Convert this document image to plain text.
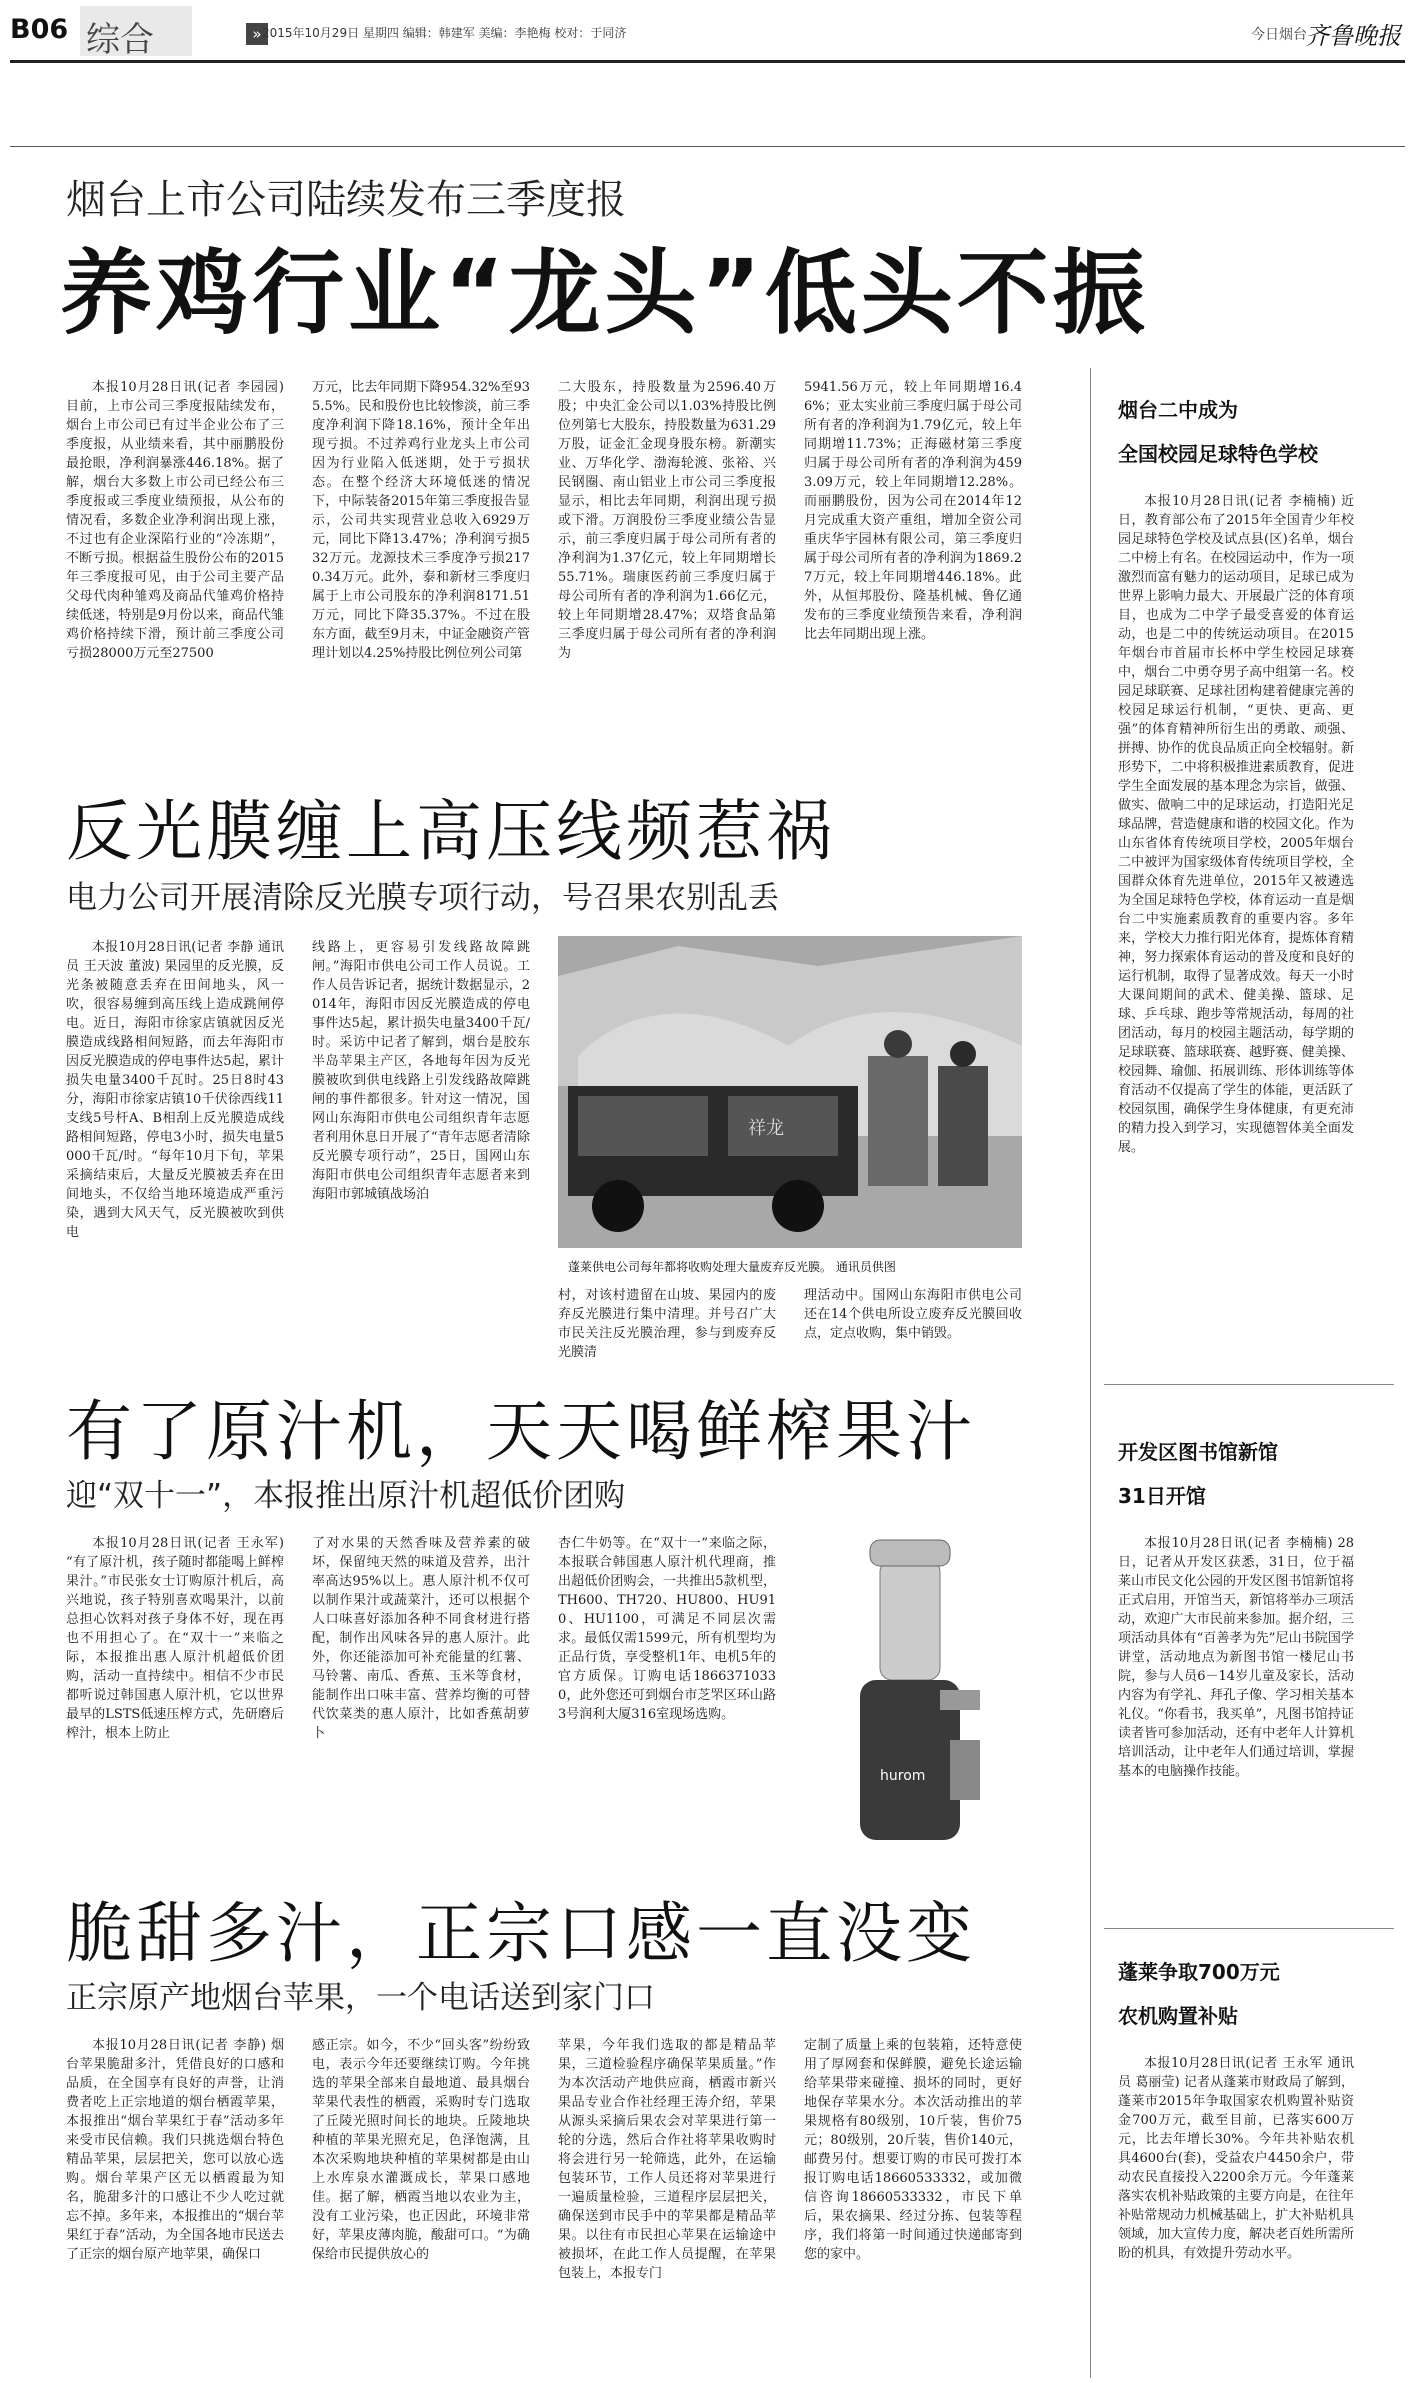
B06 综合	» 2015年10月29日 星期四 编辑：韩建军 美编：李艳梅 校对：于同济	今日烟台
齐鲁晚报
烟台上市公司陆续发布三季度报
养鸡行业“龙头”低头不振

本报10月28日讯(记者 李园园) 目前，上市公司三季度报陆续发布，烟台上市公司已有过半企业公布了三季度报，从业绩来看，其中丽鹏股份最抢眼，净利润暴涨446.18%。据了解，烟台大多数上市公司已经公布三季度报或三季度业绩预报，从公布的情况看，多数企业净利润出现上涨，不过也有企业深陷行业的“冷冻期”，不断亏损。根据益生股份公布的2015年三季度报可见，由于公司主要产品父母代肉种雏鸡及商品代雏鸡价格持续低迷，特别是9月份以来，商品代雏鸡价格持续下滑，预计前三季度公司亏损28000万元至27500

万元，比去年同期下降954.32%至935.5%。民和股份也比较惨淡，前三季度净利润下降18.16%，预计全年出现亏损。不过养鸡行业龙头上市公司因为行业陷入低迷期，处于亏损状态。在整个经济大环境低迷的情况下，中际装备2015年第三季度报告显示，公司共实现营业总收入6929万元，同比下降13.47%；净利润亏损532万元。龙源技术三季度净亏损2170.34万元。此外，泰和新材三季度归属于上市公司股东的净利润8171.51万元，同比下降35.37%。不过在股东方面，截至9月末，中证金融资产管理计划以4.25%持股比例位列公司第

二大股东，持股数量为2596.40万股；中央汇金公司以1.03%持股比例位列第七大股东，持股数量为631.29万股，证金汇金现身股东榜。新潮实业、万华化学、渤海轮渡、张裕、兴民钢圈、南山铝业上市公司三季度报显示，相比去年同期，利润出现亏损或下滑。万润股份三季度业绩公告显示，前三季度归属于母公司所有者的净利润为1.37亿元，较上年同期增长55.71%。瑞康医药前三季度归属于母公司所有者的净利润为1.66亿元，较上年同期增28.47%；双塔食品第三季度归属于母公司所有者的净利润为

5941.56万元，较上年同期增16.46%；亚太实业前三季度归属于母公司所有者的净利润为1.79亿元，较上年同期增11.73%；正海磁材第三季度归属于母公司所有者的净利润为4593.09万元，较上年同期增12.28%。而丽鹏股份，因为公司在2014年12月完成重大资产重组，增加全资公司重庆华宇园林有限公司，第三季度归属于母公司所有者的净利润为1869.27万元，较上年同期增446.18%。此外，从恒邦股份、隆基机械、鲁亿通发布的三季度业绩预告来看，净利润比去年同期出现上涨。

反光膜缠上高压线频惹祸
电力公司开展清除反光膜专项行动，号召果农别乱丢

本报10月28日讯(记者 李静 通讯员 王天波 董波) 果园里的反光膜，反光条被随意丢弃在田间地头，风一吹，很容易缠到高压线上造成跳闸停电。近日，海阳市徐家店镇就因反光膜造成线路相间短路，而去年海阳市因反光膜造成的停电事件达5起，累计损失电量3400千瓦时。25日8时43分，海阳市徐家店镇10千伏徐西线11支线5号杆A、B相刮上反光膜造成线路相间短路，停电3小时，损失电量5000千瓦/时。“每年10月下旬，苹果采摘结束后，大量反光膜被丢弃在田间地头，不仅给当地环境造成严重污染，遇到大风天气，反光膜被吹到供电

线路上，更容易引发线路故障跳闸。”海阳市供电公司工作人员说。工作人员告诉记者，据统计数据显示，2014年，海阳市因反光膜造成的停电事件达5起，累计损失电量3400千瓦/时。采访中记者了解到，烟台是胶东半岛苹果主产区，各地每年因为反光膜被吹到供电线路上引发线路故障跳闸的事件都很多。针对这一情况，国网山东海阳市供电公司组织青年志愿者利用休息日开展了“青年志愿者清除反光膜专项行动”，25日，国网山东海阳市供电公司组织青年志愿者来到海阳市郭城镇战场泊

祥龙
蓬莱供电公司每年都将收购处理大量废弃反光膜。 通讯员供图

村，对该村遗留在山坡、果园内的废弃反光膜进行集中清理。并号召广大市民关注反光膜治理，参与到废弃反光膜清

理活动中。国网山东海阳市供电公司还在14个供电所设立废弃反光膜回收点，定点收购，集中销毁。

有了原汁机，天天喝鲜榨果汁
迎“双十一”，本报推出原汁机超低价团购

本报10月28日讯(记者 王永军) “有了原汁机，孩子随时都能喝上鲜榨果汁。”市民张女士订购原汁机后，高兴地说，孩子特别喜欢喝果汁，以前总担心饮料对孩子身体不好，现在再也不用担心了。在“双十一”来临之际，本报推出惠人原汁机超低价团购，活动一直持续中。相信不少市民都听说过韩国惠人原汁机，它以世界最早的LSTS低速压榨方式，先研磨后榨汁，根本上防止

了对水果的天然香味及营养素的破坏，保留纯天然的味道及营养，出汁率高达95%以上。惠人原汁机不仅可以制作果汁或蔬菜汁，还可以根据个人口味喜好添加各种不同食材进行搭配，制作出风味各异的惠人原汁。此外，你还能添加可补充能量的红薯、马铃薯、南瓜、香蕉、玉米等食材，能制作出口味丰富、营养均衡的可替代饮菜类的惠人原汁，比如香蕉胡萝卜

杏仁牛奶等。在“双十一”来临之际，本报联合韩国惠人原汁机代理商，推出超低价团购会，一共推出5款机型，TH600、TH720、HU800、HU910、HU1100，可满足不同层次需求。最低仅需1599元，所有机型均为正品行货，享受整机1年、电机5年的官方质保。订购电话18663710330，此外您还可到烟台市芝罘区环山路3号润利大厦316室现场选购。

hurom
脆甜多汁，正宗口感一直没变
正宗原产地烟台苹果，一个电话送到家门口

本报10月28日讯(记者 李静) 烟台苹果脆甜多汁，凭借良好的口感和品质，在全国享有良好的声誉，让消费者吃上正宗地道的烟台栖霞苹果，本报推出“烟台苹果红于春”活动多年来受市民信赖。我们只挑选烟台特色精品苹果，层层把关，您可以放心选购。烟台苹果产区无以栖霞最为知名，脆甜多汁的口感让不少人吃过就忘不掉。多年来，本报推出的“烟台苹果红于春”活动，为全国各地市民送去了正宗的烟台原产地苹果，确保口

感正宗。如今，不少“回头客”纷纷致电，表示今年还要继续订购。今年挑选的苹果全部来自最地道、最具烟台苹果代表性的栖霞，采购时专门选取了丘陵光照时间长的地块。丘陵地块种植的苹果光照充足，色泽饱满，且本次采购地块种植的苹果树都是由山上水库泉水灌溉成长，苹果口感地佳。据了解，栖霞当地以农业为主，没有工业污染，也正因此，环境非常好，苹果皮薄肉脆，酸甜可口。“为确保给市民提供放心的

苹果，今年我们选取的都是精品苹果，三道检验程序确保苹果质量。”作为本次活动产地供应商，栖霞市新兴果品专业合作社经理王涛介绍，苹果从源头采摘后果农会对苹果进行第一轮的分选，然后合作社将苹果收购时将会进行另一轮筛选，此外，在运输包装环节，工作人员还将对苹果进行一遍质量检验，三道程序层层把关，确保送到市民手中的苹果都是精品苹果。以往有市民担心苹果在运输途中被损坏，在此工作人员提醒，在苹果包装上，本报专门

定制了质量上乘的包装箱，还特意使用了厚网套和保鲜膜，避免长途运输给苹果带来碰撞、损坏的同时，更好地保存苹果水分。本次活动推出的苹果规格有80级别，10斤装，售价75元；80级别，20斤装，售价140元，邮费另付。想要订购的市民可拨打本报订购电话18660533332，或加微信咨询18660533332，市民下单后，果农摘果、经过分拣、包装等程序，我们将第一时间通过快递邮寄到您的家中。

烟台二中成为
全国校园足球特色学校

本报10月28日讯(记者 李楠楠) 近日，教育部公布了2015年全国青少年校园足球特色学校及试点县(区)名单，烟台二中榜上有名。在校园运动中，作为一项激烈而富有魅力的运动项目，足球已成为世界上影响力最大、开展最广泛的体育项目，也成为二中学子最受喜爱的体育运动，也是二中的传统运动项目。在2015年烟台市首届市长杯中学生校园足球赛中，烟台二中勇夺男子高中组第一名。校园足球联赛、足球社团构建着健康完善的校园足球运行机制，“更快、更高、更强”的体育精神所衍生出的勇敢、顽强、拼搏、协作的优良品质正向全校辐射。新形势下，二中将积极推进素质教育，促进学生全面发展的基本理念为宗旨，做强、做实、做响二中的足球运动，打造阳光足球品牌，营造健康和谐的校园文化。作为山东省体育传统项目学校，2005年烟台二中被评为国家级体育传统项目学校，全国群众体育先进单位，2015年又被遴选为全国足球特色学校，体育运动一直是烟台二中实施素质教育的重要内容。多年来，学校大力推行阳光体育，提炼体育精神，努力探索体育运动的普及度和良好的运行机制，取得了显著成效。每天一小时大课间期间的武术、健美操、篮球、足球、乒乓球、跑步等常规活动，每周的社团活动，每月的校园主题活动，每学期的足球联赛、篮球联赛、越野赛、健美操、校园舞、瑜伽、拓展训练、形体训练等体育活动不仅提高了学生的体能，更活跃了校园氛围，确保学生身体健康，有更充沛的精力投入到学习，实现德智体美全面发展。

开发区图书馆新馆
31日开馆

本报10月28日讯(记者 李楠楠) 28日，记者从开发区获悉，31日，位于福莱山市民文化公园的开发区图书馆新馆将正式启用，开馆当天，新馆将举办三项活动，欢迎广大市民前来参加。据介绍，三项活动具体有“百善孝为先”尼山书院国学讲堂，活动地点为新图书馆一楼尼山书院，参与人员6－14岁儿童及家长，活动内容为有学礼、拜孔子像、学习相关基本礼仪。“你看书，我买单”，凡图书馆持证读者皆可参加活动，还有中老年人计算机培训活动，让中老年人们通过培训，掌握基本的电脑操作技能。

蓬莱争取700万元
农机购置补贴

本报10月28日讯(记者 王永军 通讯员 葛丽莹) 记者从蓬莱市财政局了解到，蓬莱市2015年争取国家农机购置补贴资金700万元，截至目前，已落实600万元，比去年增长30%。今年共补贴农机具4600台(套)，受益农户4450余户，带动农民直接投入2200余万元。今年蓬莱落实农机补贴政策的主要方向是，在往年补贴常规动力机械基础上，扩大补贴机具领域，加大宣传力度，解决老百姓所需所盼的机具，有效提升劳动水平。
